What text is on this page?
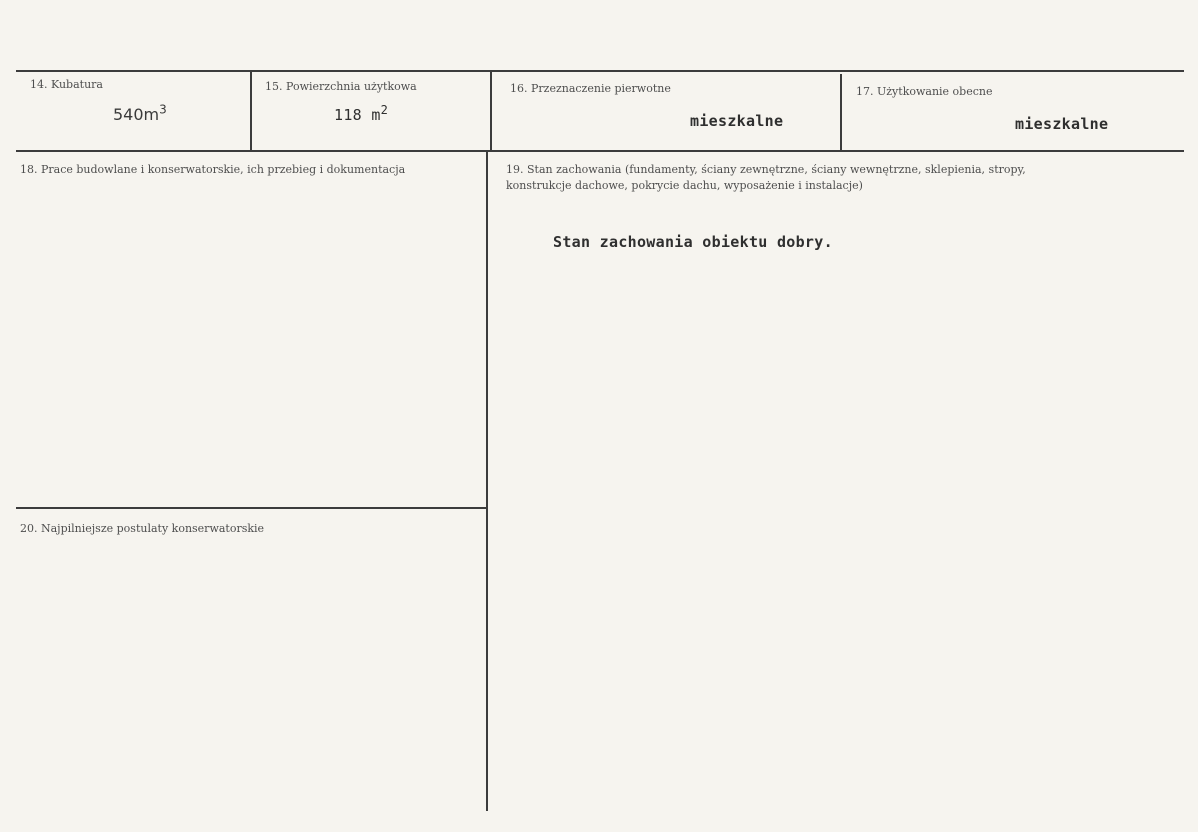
14. Kubatura
$540m^3$
15. Powierzchnia użytkowa
118 $m^2$
16. Przeznaczenie pierwotne
mieszkalne
17. Użytkowanie obecne
mieszkalne
18. Prace budowlane i konserwatorskie, ich przebieg i dokumentacja	19. Stan zachowania (fundamenty, ściany zewnętrzne, ściany wewnętrzne, sklepienia, stropy, konstrukcje dachowe, pokrycie dachu, wyposażenie i instalacje)
Stan zachowania obiektu dobry.
20. Najpilniejsze postulaty konserwatorskie
